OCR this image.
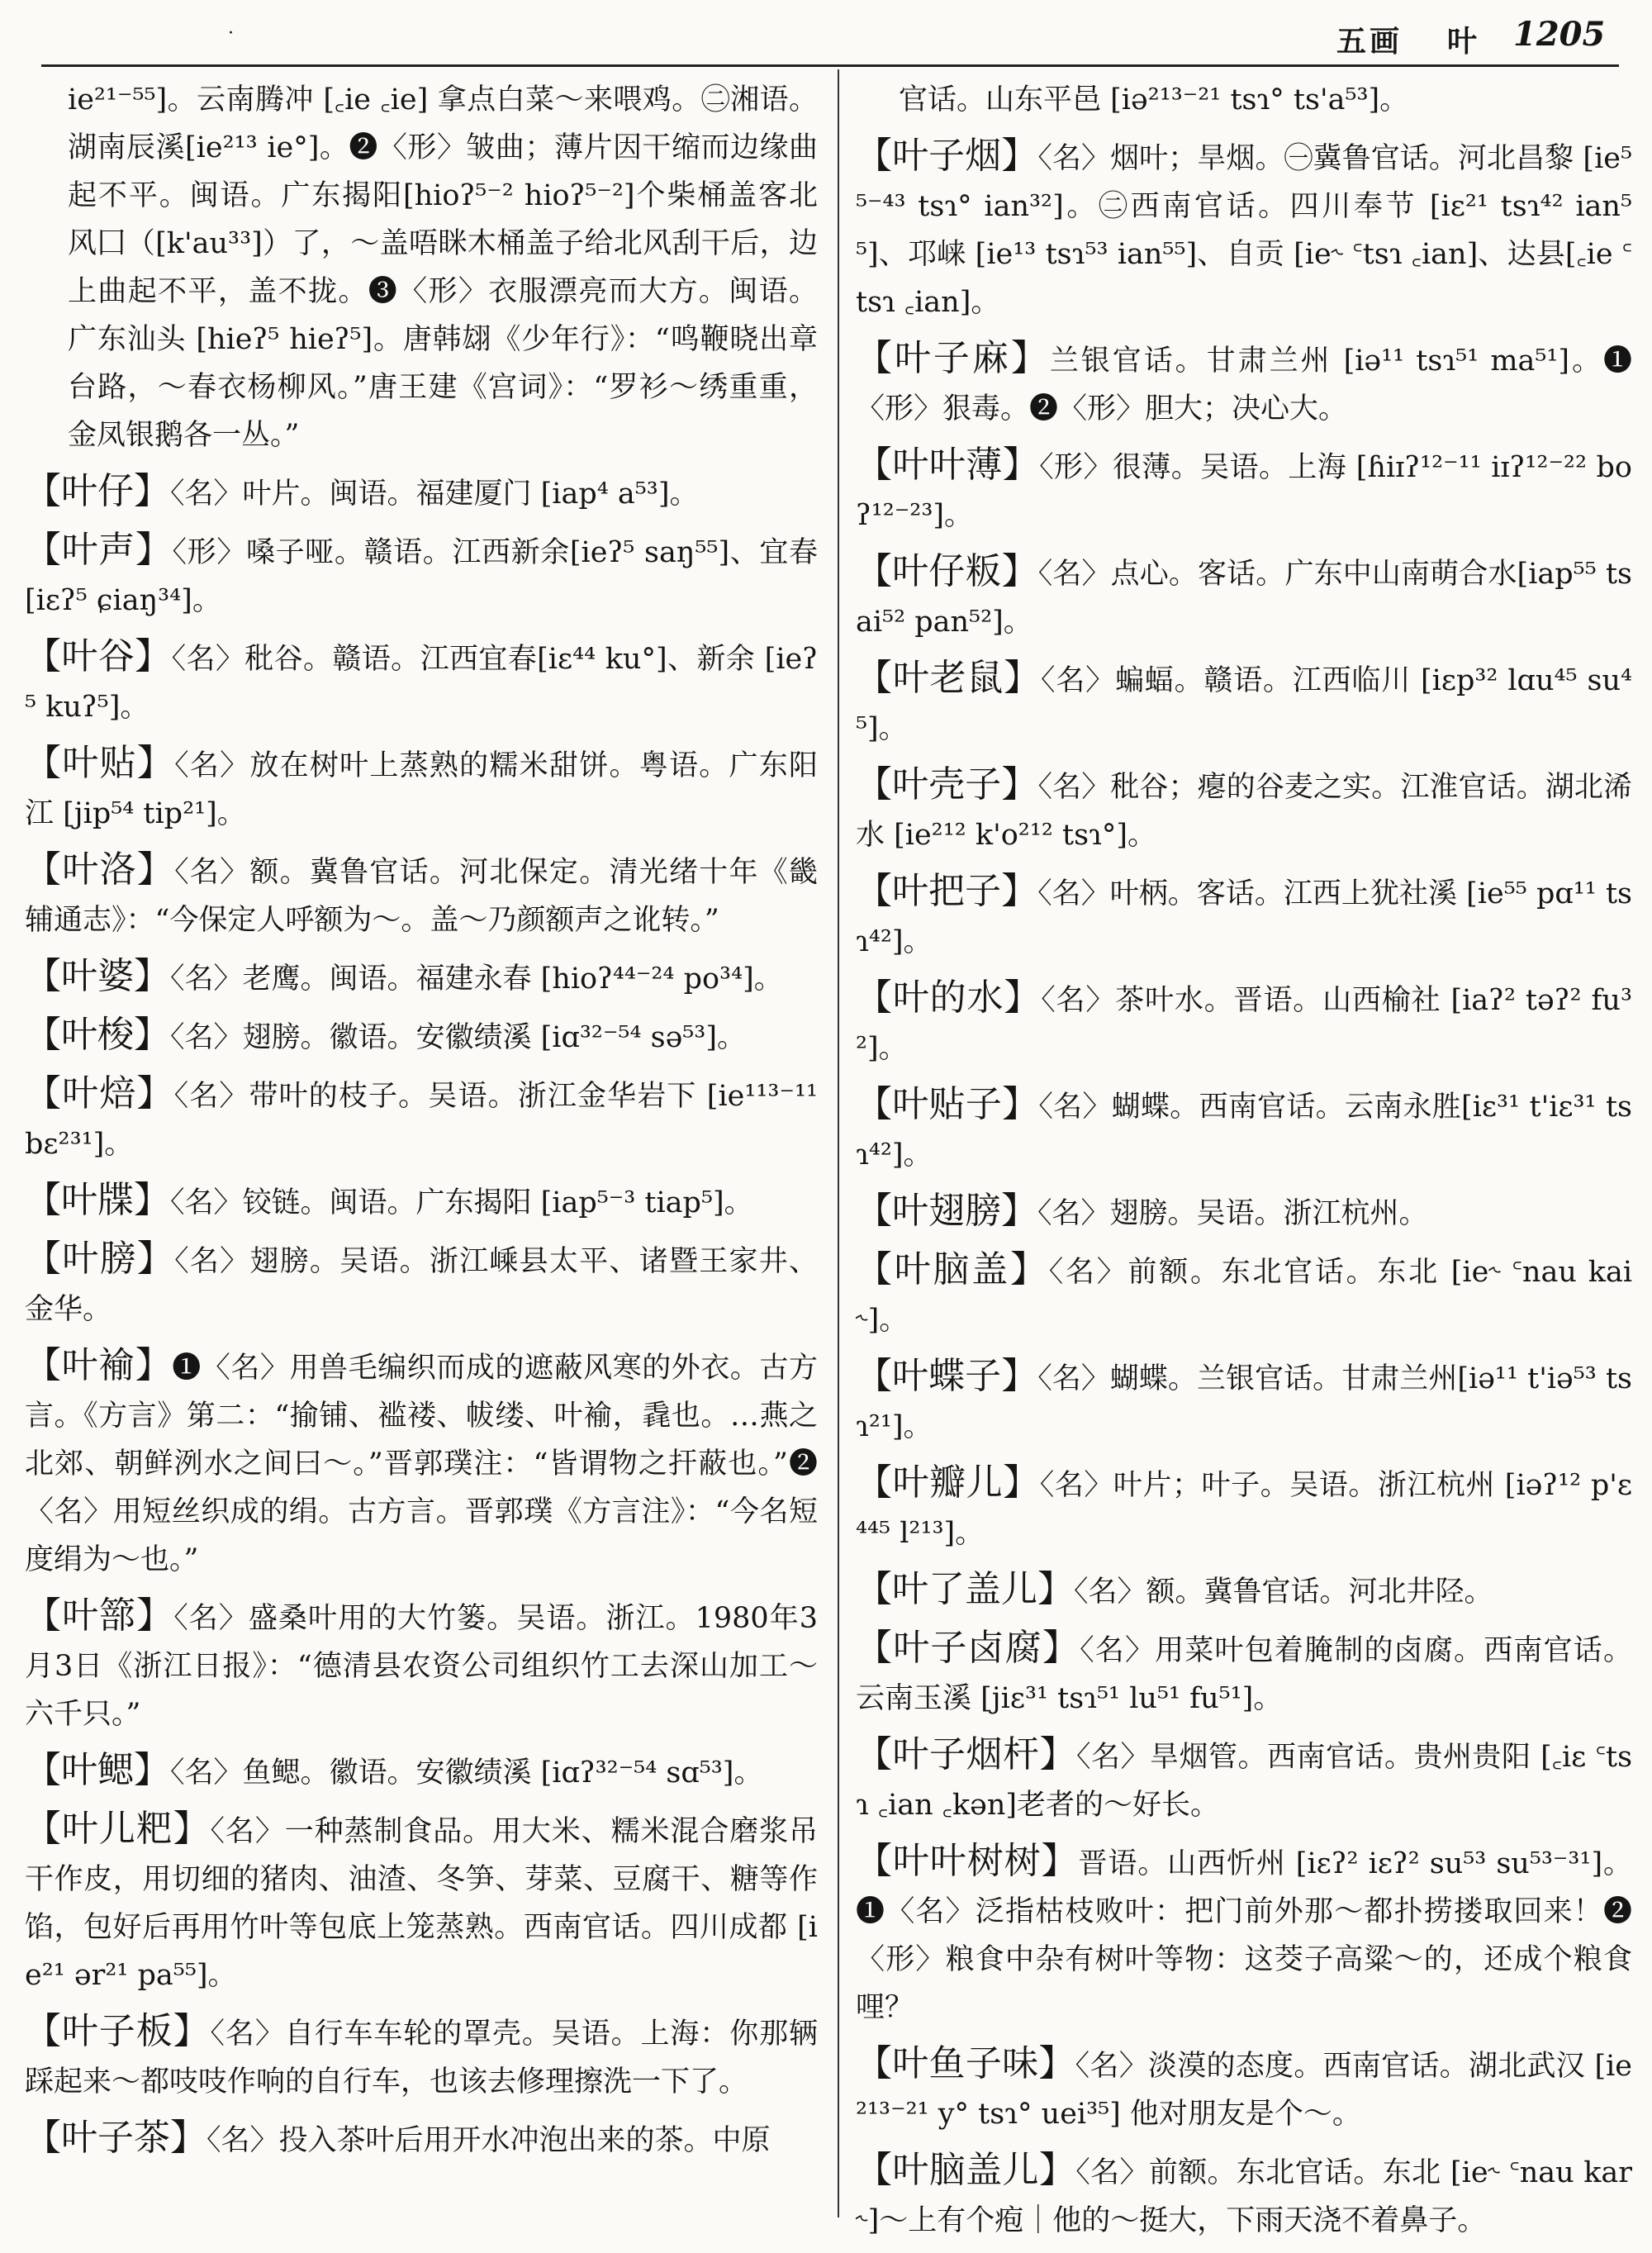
·	五画 叶 1205
ie²¹⁻⁵⁵]。云南腾冲 [꜀ie ꜀ie] 拿点白菜～来喂鸡。㊁湘语。湖南辰溪[ie²¹³ ie°]。❷〈形〉皱曲；薄片因干缩而边缘曲起不平。闽语。广东揭阳[hioʔ⁵⁻² hioʔ⁵⁻²]个柴桶盖客北风囗（[k'au³³]）了，～盖唔眯木桶盖子给北风刮干后，边上曲起不平，盖不拢。❸〈形〉衣服漂亮而大方。闽语。广东汕头 [hieʔ⁵ hieʔ⁵]。唐韩翃《少年行》：“鸣鞭晓出章台路，～春衣杨柳风。”唐王建《宫词》：“罗衫～绣重重，金凤银鹅各一丛。”
【 叶仔 】 〈名〉叶片。闽语。福建厦门 [iap⁴ a⁵³]。
【 叶声 】 〈形〉嗓子哑。赣语。江西新余[ieʔ⁵ saŋ⁵⁵]、宜春 [iɛʔ⁵ ɕiaŋ³⁴]。
【 叶谷 】 〈名〉秕谷。赣语。江西宜春[iɛ⁴⁴ ku°]、新余 [ieʔ⁵ kuʔ⁵]。
【 叶贴 】 〈名〉放在树叶上蒸熟的糯米甜饼。粤语。广东阳江 [jip⁵⁴ tip²¹]。
【 叶洛 】 〈名〉额。冀鲁官话。河北保定。清光绪十年《畿辅通志》：“今保定人呼额为～。盖～乃颜额声之讹转。”
【 叶婆 】 〈名〉老鹰。闽语。福建永春 [hioʔ⁴⁴⁻²⁴ po³⁴]。
【 叶梭 】 〈名〉翅膀。徽语。安徽绩溪 [iɑ³²⁻⁵⁴ sə⁵³]。
【 叶焙 】 〈名〉带叶的枝子。吴语。浙江金华岩下 [ie¹¹³⁻¹¹ bɛ²³¹]。
【 叶牒 】 〈名〉铰链。闽语。广东揭阳 [iap⁵⁻³ tiap⁵]。
【 叶膀 】 〈名〉翅膀。吴语。浙江嵊县太平、诸暨王家井、金华。
【 叶褕 】 ❶〈名〉用兽毛编织而成的遮蔽风寒的外衣。古方言。《方言》第二：“揄铺、褴褛、帗缕、叶褕，毳也。…燕之北郊、朝鲜洌水之间曰～。”晋郭璞注：“皆谓物之扞蔽也。”❷〈名〉用短丝织成的绢。古方言。晋郭璞《方言注》：“今名短度绢为～也。”
【 叶篰 】 〈名〉盛桑叶用的大竹篓。吴语。浙江。1980年3月3日《浙江日报》：“德清县农资公司组织竹工去深山加工～六千只。”
【 叶鳃 】 〈名〉鱼鳃。徽语。安徽绩溪 [iɑʔ³²⁻⁵⁴ sɑ⁵³]。
【 叶儿粑 】 〈名〉一种蒸制食品。用大米、糯米混合磨浆吊干作皮，用切细的猪肉、油渣、冬笋、芽菜、豆腐干、糖等作馅，包好后再用竹叶等包底上笼蒸熟。西南官话。四川成都 [ie²¹ ər²¹ pa⁵⁵]。
【 叶子板 】 〈名〉自行车车轮的罩壳。吴语。上海：你那辆踩起来～都吱吱作响的自行车，也该去修理擦洗一下了。
【 叶子茶 】 〈名〉投入茶叶后用开水冲泡出来的茶。中原
官话。山东平邑 [iə²¹³⁻²¹ tsɿ° ts'a⁵³]。
【 叶子烟 】 〈名〉烟叶；旱烟。㊀冀鲁官话。河北昌黎 [ie⁵⁵⁻⁴³ tsɿ° ian³²]。㊁西南官话。四川奉节 [iɛ²¹ tsɿ⁴² ian⁵⁵]、邛崃 [ie¹³ tsɿ⁵³ ian⁵⁵]、自贡 [ie˞ ꜂tsɿ ꜀ian]、达县[꜀ie ꜂tsɿ ꜀ian]。
【 叶子麻 】 兰银官话。甘肃兰州 [iə¹¹ tsɿ⁵¹ ma⁵¹]。❶〈形〉狠毒。❷〈形〉胆大；决心大。
【 叶叶薄 】 〈形〉很薄。吴语。上海 [ɦiɪʔ¹²⁻¹¹ iɪʔ¹²⁻²² boʔ¹²⁻²³]。
【 叶仔粄 】 〈名〉点心。客话。广东中山南萌合水[iap⁵⁵ tsai⁵² pan⁵²]。
【 叶老鼠 】 〈名〉蝙蝠。赣语。江西临川 [iɛp³² lɑu⁴⁵ su⁴⁵]。
【 叶壳子 】 〈名〉秕谷；瘪的谷麦之实。江淮官话。湖北浠水 [ie²¹² k'o²¹² tsɿ°]。
【 叶把子 】 〈名〉叶柄。客话。江西上犹社溪 [ie⁵⁵ pɑ¹¹ tsɿ⁴²]。
【 叶的水 】 〈名〉茶叶水。晋语。山西榆社 [iaʔ² təʔ² fu³²]。
【 叶贴子 】 〈名〉蝴蝶。西南官话。云南永胜[iɛ³¹ t'iɛ³¹ tsɿ⁴²]。
【 叶翅膀 】 〈名〉翅膀。吴语。浙江杭州。
【 叶脑盖 】 〈名〉前额。东北官话。东北 [ie˞ ꜂nau kai˞]。
【 叶蝶子 】 〈名〉蝴蝶。兰银官话。甘肃兰州[iə¹¹ t'iə⁵³ tsɿ²¹]。
【 叶瓣儿 】 〈名〉叶片；叶子。吴语。浙江杭州 [iəʔ¹² p'ɛ⁴⁴⁵ l²¹³]。
【 叶了盖儿 】 〈名〉额。冀鲁官话。河北井陉。
【 叶子卤腐 】 〈名〉用菜叶包着腌制的卤腐。西南官话。云南玉溪 [jiɛ³¹ tsɿ⁵¹ lu⁵¹ fu⁵¹]。
【 叶子烟杆 】 〈名〉旱烟管。西南官话。贵州贵阳 [꜀iɛ ꜂tsɿ ꜀ian ꜀kən]老者的～好长。
【 叶叶树树 】 晋语。山西忻州 [iɛʔ² iɛʔ² su⁵³ su⁵³⁻³¹]。❶〈名〉泛指枯枝败叶：把门前外那～都扑捞搂取回来！❷〈形〉粮食中杂有树叶等物：这茭子高粱～的，还成个粮食哩？
【 叶鱼子味 】 〈名〉淡漠的态度。西南官话。湖北武汉 [ie²¹³⁻²¹ y° tsɿ° uei³⁵] 他对朋友是个～。
【 叶脑盖儿 】 〈名〉前额。东北官话。东北 [ie˞ ꜂nau kar˞]～上有个疱｜他的～挺大，下雨天浇不着鼻子。
